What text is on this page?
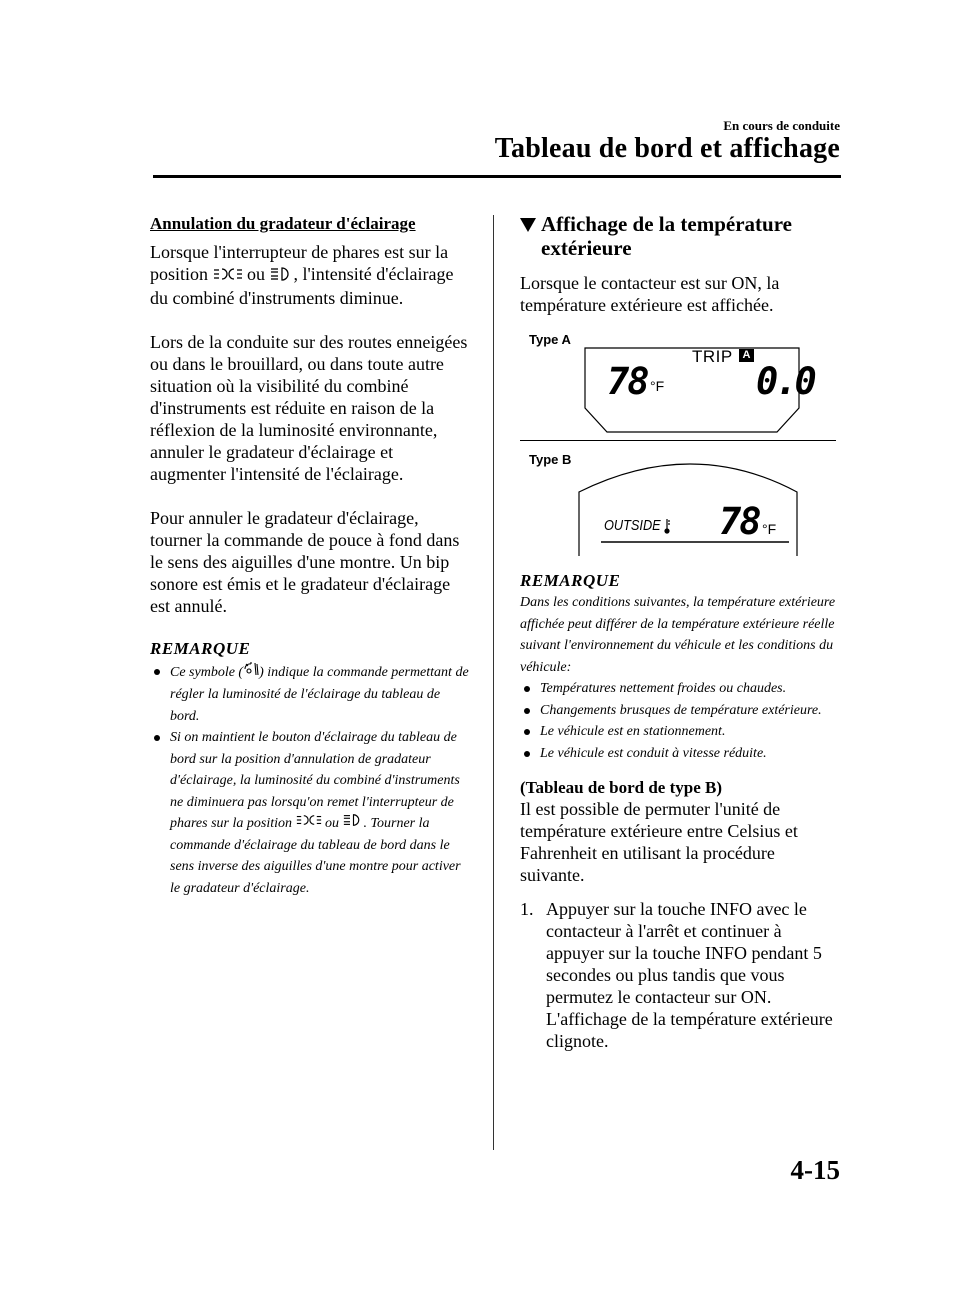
En cours de conduite
Tableau de bord et affichage
Annulation du gradateur d'éclairage

Lorsque l'interrupteur de phares est sur la position ou , l'intensité d'éclairage du combiné d'instruments diminue.

Lors de la conduite sur des routes enneigées ou dans le brouillard, ou dans toute autre situation où la visibilité du combiné d'instruments est réduite en raison de la réflexion de la luminosité environnante, annuler le gradateur d'éclairage et augmenter l'intensité de l'éclairage.

Pour annuler le gradateur d'éclairage, tourner la commande de pouce à fond dans le sens des aiguilles d'une montre. Un bip sonore est émis et le gradateur d'éclairage est annulé.

REMARQUE
Ce symbole ( ) indique la commande permettant de régler la luminosité de l'éclairage du tableau de bord.
Si on maintient le bouton d'éclairage du tableau de bord sur la position d'annulation de gradateur d'éclairage, la luminosité du combiné d'instruments ne diminuera pas lorsqu'on remet l'interrupteur de phares sur la position ou . Tourner la commande d'éclairage du tableau de bord dans le sens inverse des aiguilles d'une montre pour activer le gradateur d'éclairage.
Affichage de la température extérieure

Lorsque le contacteur est sur ON, la température extérieure est affichée.

Type A
Type B
78 °F
TRIP A
0.0
OUTSIDE 78 °F
REMARQUE
Dans les conditions suivantes, la température extérieure affichée peut différer de la température extérieure réelle suivant l'environnement du véhicule et les conditions du véhicule:
Températures nettement froides ou chaudes.
Changements brusques de température extérieure.
Le véhicule est en stationnement.
Le véhicule est conduit à vitesse réduite.
(Tableau de bord de type B)

Il est possible de permuter l'unité de température extérieure entre Celsius et Fahrenheit en utilisant la procédure suivante.

1. Appuyer sur la touche INFO avec le contacteur à l'arrêt et continuer à appuyer sur la touche INFO pendant 5 secondes ou plus tandis que vous permutez le contacteur sur ON. L'affichage de la température extérieure clignote.
4-15
